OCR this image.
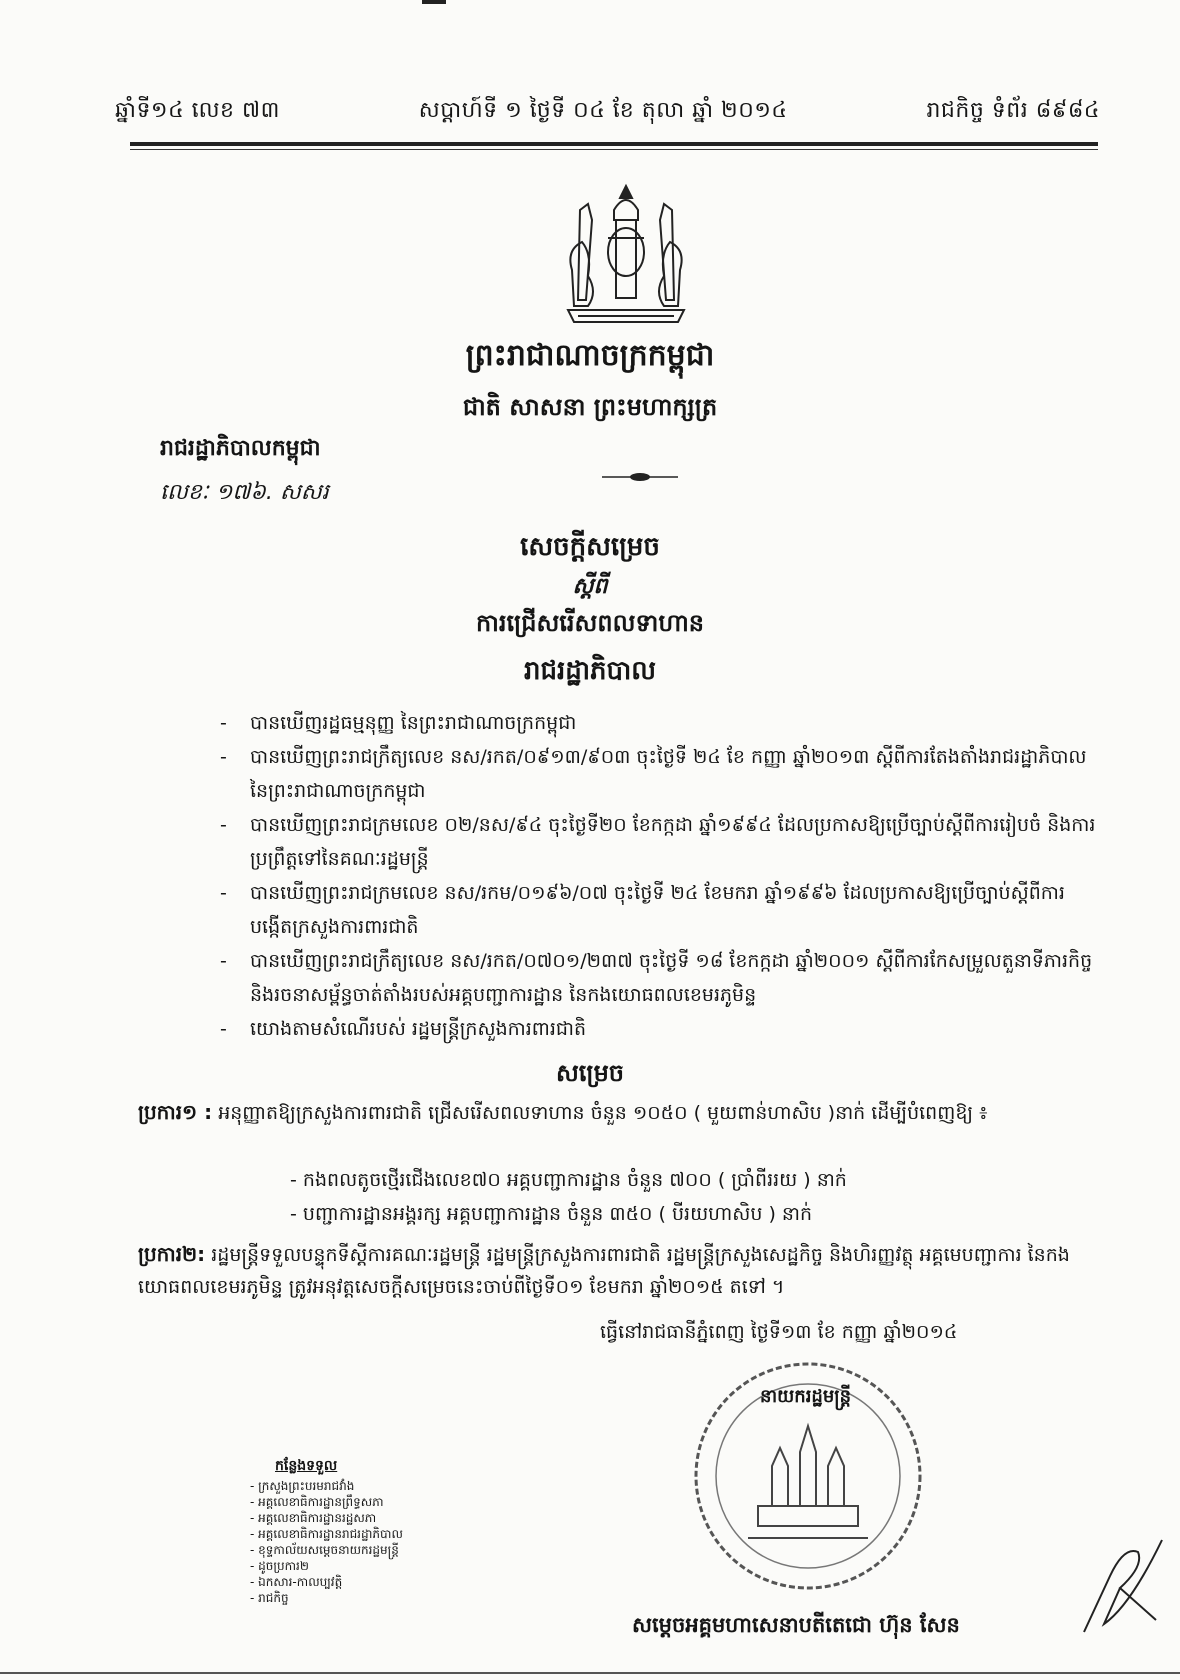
ឆ្នាំទី១៤ លេខ ៧៣	សប្ដាហ៍ទី ១ ថ្ងៃទី ០៤ ខែ តុលា ឆ្នាំ ២០១៤	រាជកិច្ច ទំព័រ ៨៩៨៤
ព្រះរាជាណាចក្រកម្ពុជា
ជាតិ សាសនា ព្រះមហាក្សត្រ
រាជរដ្ឋាភិបាលកម្ពុជា
លេខៈ ១៧៦. សសរ
សេចក្ដីសម្រេច
ស្ដីពី
ការជ្រើសរើសពលទាហាន
រាជរដ្ឋាភិបាល
- បានឃើញរដ្ឋធម្មនុញ្ញ នៃព្រះរាជាណាចក្រកម្ពុជា
- បានឃើញព្រះរាជក្រឹត្យលេខ នស/រកត/០៩១៣/៩០៣ ចុះថ្ងៃទី ២៤ ខែ កញ្ញា ឆ្នាំ២០១៣ ស្ដីពីការតែងតាំងរាជរដ្ឋាភិបាលនៃព្រះរាជាណាចក្រកម្ពុជា
- បានឃើញព្រះរាជក្រមលេខ ០២/នស/៩៤ ចុះថ្ងៃទី២០ ខែកក្កដា ឆ្នាំ១៩៩៤ ដែលប្រកាសឱ្យប្រើច្បាប់ស្ដីពីការរៀបចំ និងការប្រព្រឹត្តទៅនៃគណៈរដ្ឋមន្ត្រី
- បានឃើញព្រះរាជក្រមលេខ នស/រកម/០១៩៦/០៧ ចុះថ្ងៃទី ២៤ ខែមករា ឆ្នាំ១៩៩៦ ដែលប្រកាសឱ្យប្រើច្បាប់ស្ដីពីការបង្កើតក្រសួងការពារជាតិ
- បានឃើញព្រះរាជក្រឹត្យលេខ នស/រកត/០៧០១/២៣៧ ចុះថ្ងៃទី ១៨ ខែកក្កដា ឆ្នាំ២០០១ ស្ដីពីការកែសម្រួលតួនាទីភារកិច្ច និងរចនាសម្ព័ន្ធចាត់តាំងរបស់អគ្គបញ្ជាការដ្ឋាន នៃកងយោធពលខេមរភូមិន្ទ
- យោងតាមសំណើរបស់ រដ្ឋមន្ត្រីក្រសួងការពារជាតិ
សម្រេច
ប្រការ១ : អនុញ្ញាតឱ្យក្រសួងការពារជាតិ ជ្រើសរើសពលទាហាន ចំនួន ១០៥០ ( មួយពាន់ហាសិប )នាក់ ដើម្បីបំពេញឱ្យ ៖
- កងពលតូចថ្មើរជើងលេខ៧០ អគ្គបញ្ជាការដ្ឋាន ចំនួន ៧០០ ( ប្រាំពីររយ ) នាក់
- បញ្ជាការដ្ឋានអង្គរក្ស អគ្គបញ្ជាការដ្ឋាន ចំនួន ៣៥០ ( បីរយហាសិប ) នាក់
ប្រការ២: រដ្ឋមន្ត្រីទទួលបន្ទុកទីស្ដីការគណៈរដ្ឋមន្ត្រី រដ្ឋមន្ត្រីក្រសួងការពារជាតិ រដ្ឋមន្ត្រីក្រសួងសេដ្ឋកិច្ច និងហិរញ្ញវត្ថុ អគ្គមេបញ្ជាការ នៃកងយោធពលខេមរភូមិន្ទ ត្រូវអនុវត្តសេចក្ដីសម្រេចនេះចាប់ពីថ្ងៃទី០១ ខែមករា ឆ្នាំ២០១៥ តទៅ ។
ធ្វើនៅរាជធានីភ្នំពេញ ថ្ងៃទី១៣ ខែ កញ្ញា ឆ្នាំ២០១៤
នាយករដ្ឋមន្ត្រី
សម្ដេចអគ្គមហាសេនាបតីតេជោ ហ៊ុន សែន
កន្លែងទទួល
- ក្រសួងព្រះបរមរាជវាំង
- អគ្គលេខាធិការដ្ឋានព្រឹទ្ធសភា
- អគ្គលេខាធិការដ្ឋានរដ្ឋសភា
- អគ្គលេខាធិការដ្ឋានរាជរដ្ឋាភិបាល
- ខុទ្ទកាល័យសម្ដេចនាយករដ្ឋមន្ត្រី
- ដូចប្រការ២
- ឯកសារ-កាលប្បវត្តិ
- រាជកិច្ច
